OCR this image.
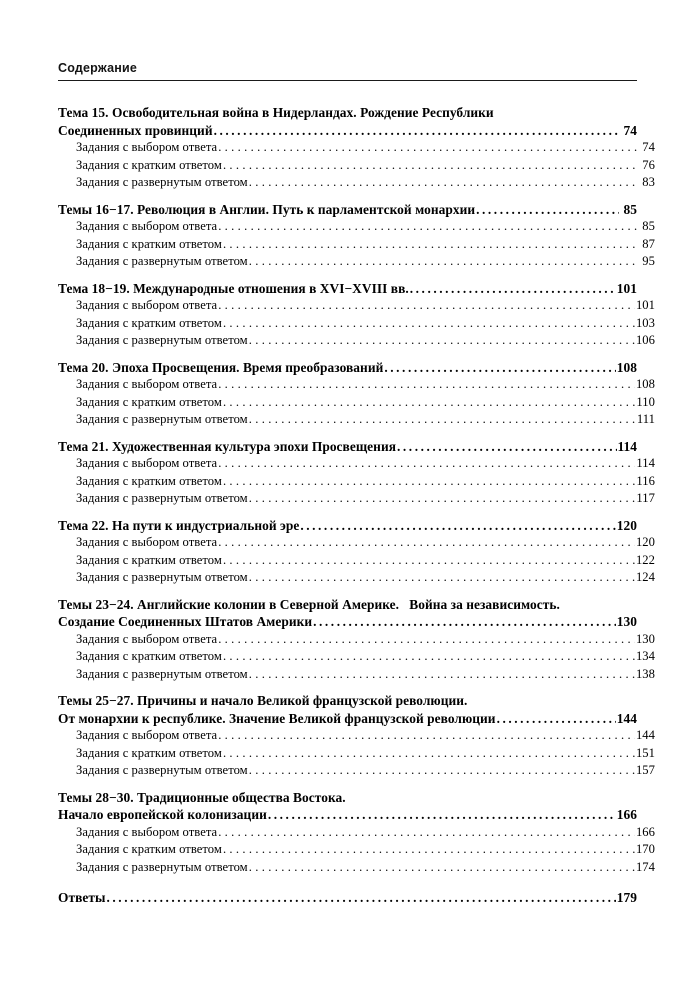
Содержание
Тема 15. Освободительная война в Нидерландах. Рождение Республики
Соединенных провинций . . .	74
Задания с выбором ответа . . .	74
Задания с кратким ответом . . .	76
Задания с развернутым ответом . . .	83
Темы 16−17. Революция в Англии. Путь к парламентской монархии . . .	85
Задания с выбором ответа . . .	85
Задания с кратким ответом . . .	87
Задания с развернутым ответом . . .	95
Тема 18−19. Международные отношения в XVI−XVIII вв. . . .	101
Задания с выбором ответа . . .	101
Задания с кратким ответом . . .	103
Задания с развернутым ответом . . .	106
Тема 20. Эпоха Просвещения. Время преобразований . . .	108
Задания с выбором ответа . . .	108
Задания с кратким ответом . . .	110
Задания с развернутым ответом . . .	111
Тема 21. Художественная культура эпохи Просвещения . . .	114
Задания с выбором ответа . . .	114
Задания с кратким ответом . . .	116
Задания с развернутым ответом . . .	117
Тема 22. На пути к индустриальной эре . . .	120
Задания с выбором ответа . . .	120
Задания с кратким ответом . . .	122
Задания с развернутым ответом . . .	124
Темы 23−24. Английские колонии в Северной Америке.   Война за независимость.
Создание Соединенных Штатов Америки . . .	130
Задания с выбором ответа . . .	130
Задания с кратким ответом . . .	134
Задания с развернутым ответом . . .	138
Темы 25−27. Причины и начало Великой французской революции.
От монархии к республике. Значение Великой французской революции . . .	144
Задания с выбором ответа . . .	144
Задания с кратким ответом . . .	151
Задания с развернутым ответом . . .	157
Темы 28−30. Традиционные общества Востока.
Начало европейской колонизации . . .	166
Задания с выбором ответа . . .	166
Задания с кратким ответом . . .	170
Задания с развернутым ответом . . .	174
Ответы . . .	179
